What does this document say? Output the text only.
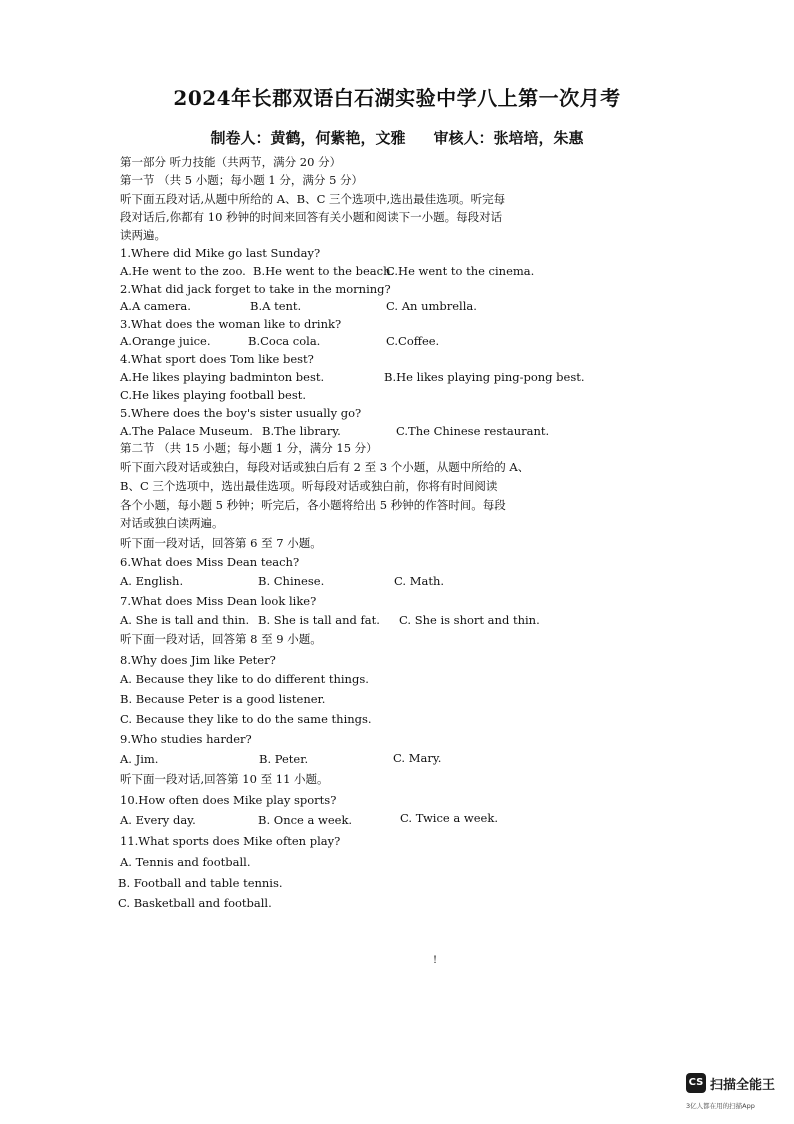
2024年长郡双语白石湖实验中学八上第一次月考
制卷人：黄鹤，何紫艳，文雅 审核人：张培培，朱惠
第一部分 听力技能（共两节，满分 20 分）
第一节 （共 5 小题；每小题 1 分，满分 5 分）
听下面五段对话,从题中所给的 A、B、C 三个选项中,选出最佳选项。听完每
段对话后,你都有 10 秒钟的时间来回答有关小题和阅读下一小题。每段对话
读两遍。
1.Where did Mike go last Sunday?
A.He went to the zoo. B.He went to the beach.
C.He went to the cinema.
2.What did jack forget to take in the morning?
A.A camera.	B.A tent.	C. An umbrella.
3.What does the woman like to drink?
A.Orange juice.	B.Coca cola.	C.Coffee.
4.What sport does Tom like best?
A.He likes playing badminton best.	B.He likes playing ping-pong best.
C.He likes playing football best.
5.Where does the boy's sister usually go?
A.The Palace Museum. B.The library.	C.The Chinese restaurant.
第二节 （共 15 小题；每小题 1 分，满分 15 分）
听下面六段对话或独白，每段对话或独白后有 2 至 3 个小题，从题中所给的 A、
B、C 三个选项中，选出最佳选项。听每段对话或独白前，你将有时间阅读
各个小题，每小题 5 秒钟；听完后，各小题将给出 5 秒钟的作答时间。每段
对话或独白读两遍。
听下面一段对话，回答第 6 至 7 小题。
6.What does Miss Dean teach?
A. English.	B. Chinese.	C. Math.
7.What does Miss Dean look like?
A. She is tall and thin. B. She is tall and fat. C. She is short and thin.
听下面一段对话，回答第 8 至 9 小题。
8.Why does Jim like Peter?
A. Because they like to do different things.
B. Because Peter is a good listener.
C. Because they like to do the same things.
9.Who studies harder?
A. Jim.	B. Peter.	C. Mary.
听下面一段对话,回答第 10 至 11 小题。
10.How often does Mike play sports?
A. Every day.	B. Once a week.	C. Twice a week.
11.What sports does Mike often play?
A. Tennis and football.
B. Football and table tennis.
C. Basketball and football.
!
CS 扫描全能王
3亿人都在用的扫描App
